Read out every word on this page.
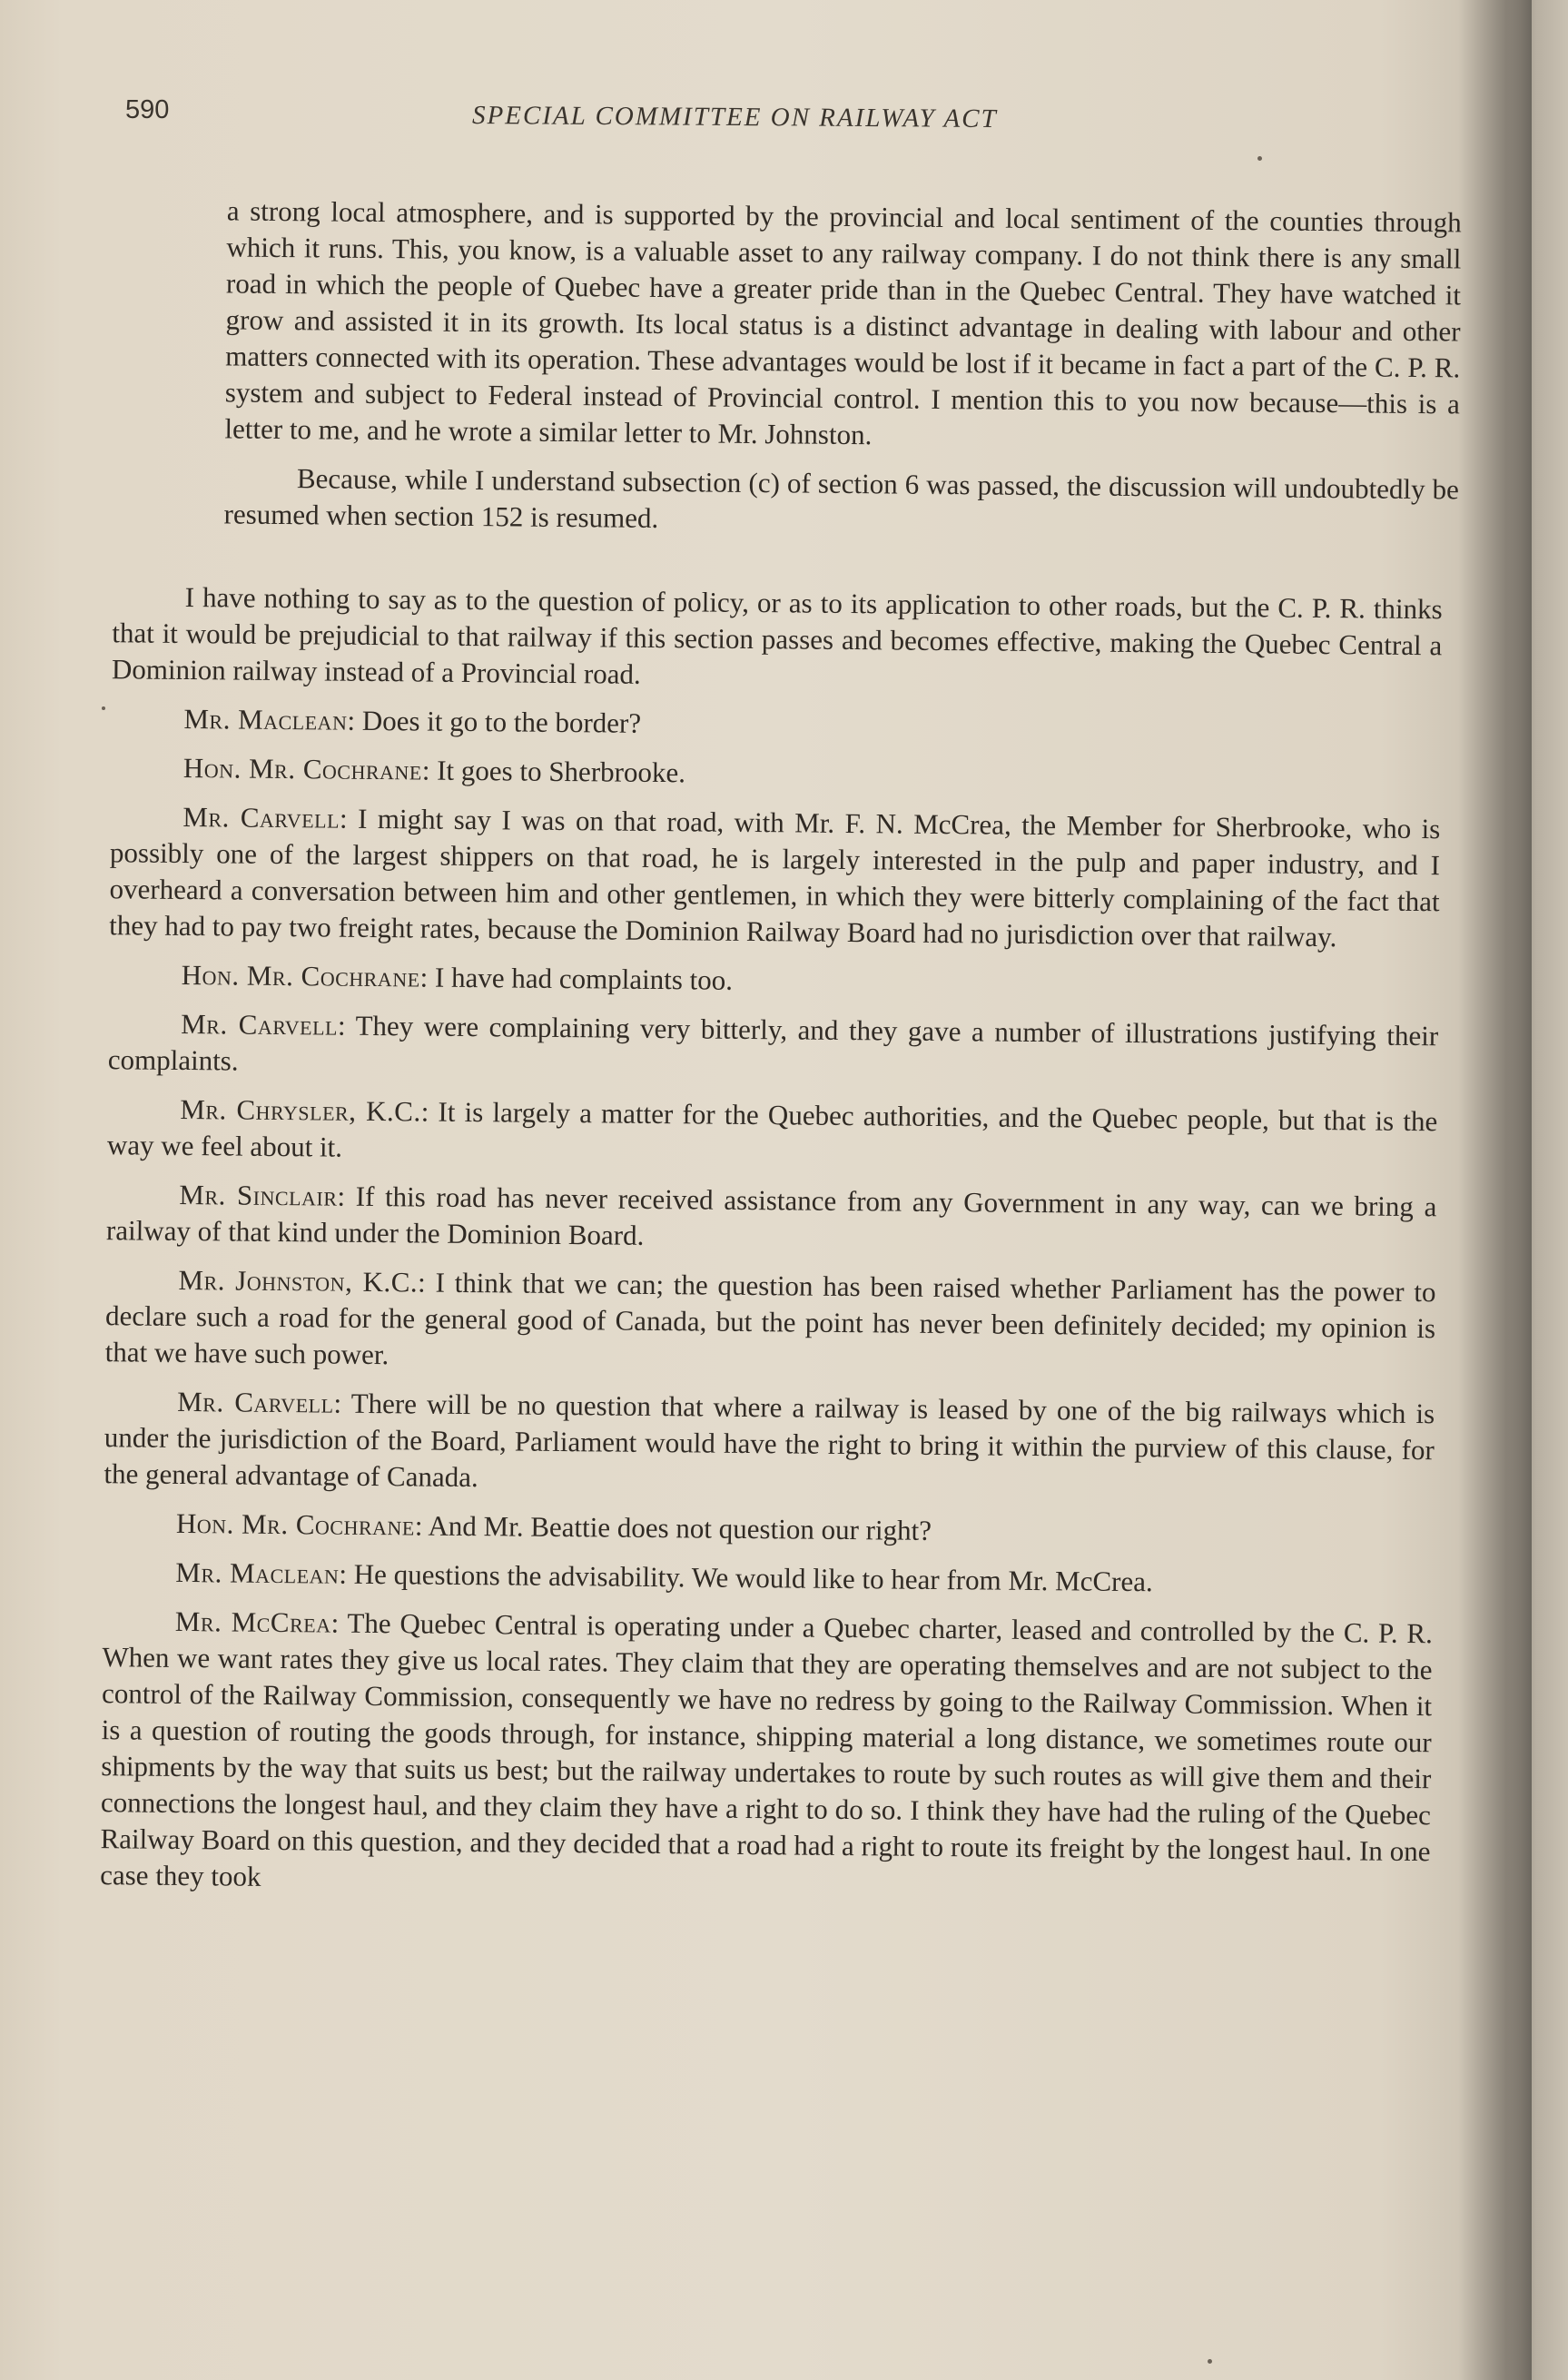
590	SPECIAL COMMITTEE ON RAILWAY ACT

a strong local atmosphere, and is supported by the provincial and local sentiment of the counties through which it runs. This, you know, is a valuable asset to any railway company. I do not think there is any small road in which the people of Quebec have a greater pride than in the Quebec Central. They have watched it grow and assisted it in its growth. Its local status is a distinct advantage in dealing with labour and other matters connected with its operation. These advantages would be lost if it became in fact a part of the C. P. R. system and subject to Federal instead of Provincial control. I mention this to you now because—this is a letter to me, and he wrote a similar letter to Mr. Johnston.

Because, while I understand subsection (c) of section 6 was passed, the discussion will undoubtedly be resumed when section 152 is resumed.

I have nothing to say as to the question of policy, or as to its application to other roads, but the C. P. R. thinks that it would be prejudicial to that railway if this section passes and becomes effective, making the Quebec Central a Dominion railway instead of a Provincial road.

Mr. Maclean: Does it go to the border?

Hon. Mr. Cochrane: It goes to Sherbrooke.

Mr. Carvell: I might say I was on that road, with Mr. F. N. McCrea, the Member for Sherbrooke, who is possibly one of the largest shippers on that road, he is largely interested in the pulp and paper industry, and I overheard a conversation between him and other gentlemen, in which they were bitterly complaining of the fact that they had to pay two freight rates, because the Dominion Railway Board had no jurisdiction over that railway.

Hon. Mr. Cochrane: I have had complaints too.

Mr. Carvell: They were complaining very bitterly, and they gave a number of illustrations justifying their complaints.

Mr. Chrysler, K.C.: It is largely a matter for the Quebec authorities, and the Quebec people, but that is the way we feel about it.

Mr. Sinclair: If this road has never received assistance from any Government in any way, can we bring a railway of that kind under the Dominion Board.

Mr. Johnston, K.C.: I think that we can; the question has been raised whether Parliament has the power to declare such a road for the general good of Canada, but the point has never been definitely decided; my opinion is that we have such power.

Mr. Carvell: There will be no question that where a railway is leased by one of the big railways which is under the jurisdiction of the Board, Parliament would have the right to bring it within the purview of this clause, for the general advantage of Canada.

Hon. Mr. Cochrane: And Mr. Beattie does not question our right?

Mr. Maclean: He questions the advisability. We would like to hear from Mr. McCrea.

Mr. McCrea: The Quebec Central is operating under a Quebec charter, leased and controlled by the C. P. R. When we want rates they give us local rates. They claim that they are operating themselves and are not subject to the control of the Railway Commission, consequently we have no redress by going to the Railway Commission. When it is a question of routing the goods through, for instance, shipping material a long distance, we sometimes route our shipments by the way that suits us best; but the railway undertakes to route by such routes as will give them and their connections the longest haul, and they claim they have a right to do so. I think they have had the ruling of the Quebec Railway Board on this question, and they decided that a road had a right to route its freight by the longest haul. In one case they took
